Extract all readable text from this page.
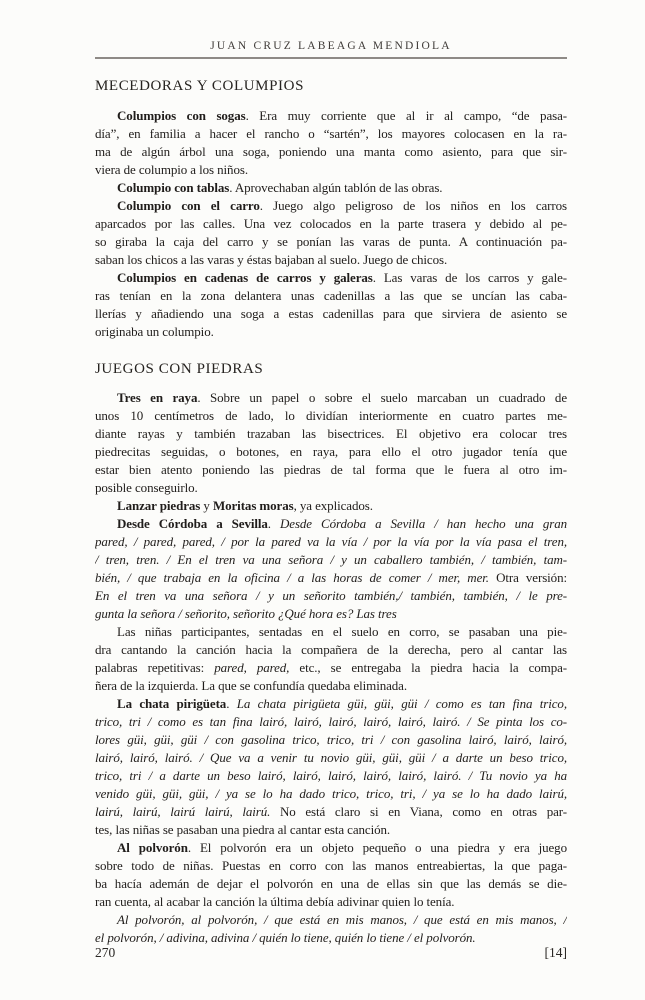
JUAN CRUZ LABEAGA MENDIOLA
MECEDORAS Y COLUMPIOS
Columpios con sogas. Era muy corriente que al ir al campo, “de pasa-
día”, en familia a hacer el rancho o “sartén”, los mayores colocasen en la ra-
ma de algún árbol una soga, poniendo una manta como asiento, para que sir-
viera de columpio a los niños.
Columpio con tablas. Aprovechaban algún tablón de las obras.
Columpio con el carro. Juego algo peligroso de los niños en los carros
aparcados por las calles. Una vez colocados en la parte trasera y debido al pe-
so giraba la caja del carro y se ponían las varas de punta. A continuación pa-
saban los chicos a las varas y éstas bajaban al suelo. Juego de chicos.
Columpios en cadenas de carros y galeras. Las varas de los carros y gale-
ras tenían en la zona delantera unas cadenillas a las que se uncían las caba-
llerías y añadiendo una soga a estas cadenillas para que sirviera de asiento se
originaba un columpio.
JUEGOS CON PIEDRAS
Tres en raya. Sobre un papel o sobre el suelo marcaban un cuadrado de
unos 10 centímetros de lado, lo dividían interiormente en cuatro partes me-
diante rayas y también trazaban las bisectrices. El objetivo era colocar tres
piedrecitas seguidas, o botones, en raya, para ello el otro jugador tenía que
estar bien atento poniendo las piedras de tal forma que le fuera al otro im-
posible conseguirlo.
Lanzar piedras y Moritas moras, ya explicados.
Desde Córdoba a Sevilla. Desde Córdoba a Sevilla / han hecho una gran
pared, / pared, pared, / por la pared va la vía / por la vía por la vía pasa el tren,
/ tren, tren. / En el tren va una señora / y un caballero también, / también, tam-
bién, / que trabaja en la oficina / a las horas de comer / mer, mer. Otra versión:
En el tren va una señora / y un señorito también,/ también, también, / le pre-
gunta la señora / señorito, señorito ¿Qué hora es? Las tres
Las niñas participantes, sentadas en el suelo en corro, se pasaban una pie-
dra cantando la canción hacia la compañera de la derecha, pero al cantar las
palabras repetitivas: pared, pared, etc., se entregaba la piedra hacia la compa-
ñera de la izquierda. La que se confundía quedaba eliminada.
La chata pirigüeta. La chata pirigüeta güi, güi, güi / como es tan fina trico,
trico, tri / como es tan fina lairó, lairó, lairó, lairó, lairó, lairó. / Se pinta los co-
lores güi, güi, güi / con gasolina trico, trico, tri / con gasolina lairó, lairó, lairó,
lairó, lairó, lairó. / Que va a venir tu novio güi, güi, güi / a darte un beso trico,
trico, tri / a darte un beso lairó, lairó, lairó, lairó, lairó, lairó. / Tu novio ya ha
venido güi, güi, güi, / ya se lo ha dado trico, trico, tri, / ya se lo ha dado lairú,
lairú, lairú, lairú lairú, lairú. No está claro si en Viana, como en otras par-
tes, las niñas se pasaban una piedra al cantar esta canción.
Al polvorón. El polvorón era un objeto pequeño o una piedra y era juego
sobre todo de niñas. Puestas en corro con las manos entreabiertas, la que paga-
ba hacía ademán de dejar el polvorón en una de ellas sin que las demás se die-
ran cuenta, al acabar la canción la última debía adivinar quien lo tenía.
Al polvorón, al polvorón, / que está en mis manos, / que está en mis manos, /
el polvorón, / adivina, adivina / quién lo tiene, quién lo tiene / el polvorón.
270	[14]
